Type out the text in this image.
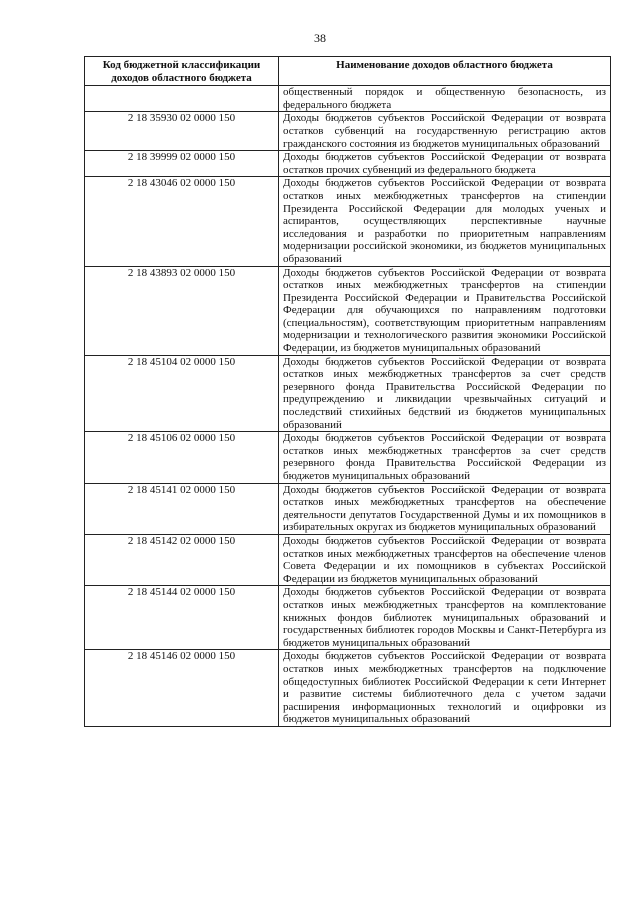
38
Код бюджетной классификации доходов областного бюджета	Наименование доходов областного бюджета
	общественный порядок и общественную безопасность, из федерального бюджета
2 18 35930 02 0000 150	Доходы бюджетов субъектов Российской Федерации от возврата остатков субвенций на государственную регистрацию актов гражданского состояния из бюджетов муниципальных образований
2 18 39999 02 0000 150	Доходы бюджетов субъектов Российской Федерации от возврата остатков прочих субвенций из федерального бюджета
2 18 43046 02 0000 150	Доходы бюджетов субъектов Российской Федерации от возврата остатков иных межбюджетных трансфертов на стипендии Президента Российской Федерации для молодых ученых и аспирантов, осуществляющих перспективные научные исследования и разработки по приоритетным направлениям модернизации российской экономики, из бюджетов муниципальных образований
2 18 43893 02 0000 150	Доходы бюджетов субъектов Российской Федерации от возврата остатков иных межбюджетных трансфертов на стипендии Президента Российской Федерации и Правительства Российской Федерации для обучающихся по направлениям подготовки (специальностям), соответствующим приоритетным направлениям модернизации и технологического развития экономики Российской Федерации, из бюджетов муниципальных образований
2 18 45104 02 0000 150	Доходы бюджетов субъектов Российской Федерации от возврата остатков иных межбюджетных трансфертов за счет средств резервного фонда Правительства Российской Федерации по предупреждению и ликвидации чрезвычайных ситуаций и последствий стихийных бедствий из бюджетов муниципальных образований
2 18 45106 02 0000 150	Доходы бюджетов субъектов Российской Федерации от возврата остатков иных межбюджетных трансфертов за счет средств резервного фонда Правительства Российской Федерации из бюджетов муниципальных образований
2 18 45141 02 0000 150	Доходы бюджетов субъектов Российской Федерации от возврата остатков иных межбюджетных трансфертов на обеспечение деятельности депутатов Государственной Думы и их помощников в избирательных округах из бюджетов муниципальных образований
2 18 45142 02 0000 150	Доходы бюджетов субъектов Российской Федерации от возврата остатков иных межбюджетных трансфертов на обеспечение членов Совета Федерации и их помощников в субъектах Российской Федерации из бюджетов муниципальных образований
2 18 45144 02 0000 150	Доходы бюджетов субъектов Российской Федерации от возврата остатков иных межбюджетных трансфертов на комплектование книжных фондов библиотек муниципальных образований и государственных библиотек городов Москвы и Санкт-Петербурга из бюджетов муниципальных образований
2 18 45146 02 0000 150	Доходы бюджетов субъектов Российской Федерации от возврата остатков иных межбюджетных трансфертов на подключение общедоступных библиотек Российской Федерации к сети Интернет и развитие системы библиотечного дела с учетом задачи расширения информационных технологий и оцифровки из бюджетов муниципальных образований
